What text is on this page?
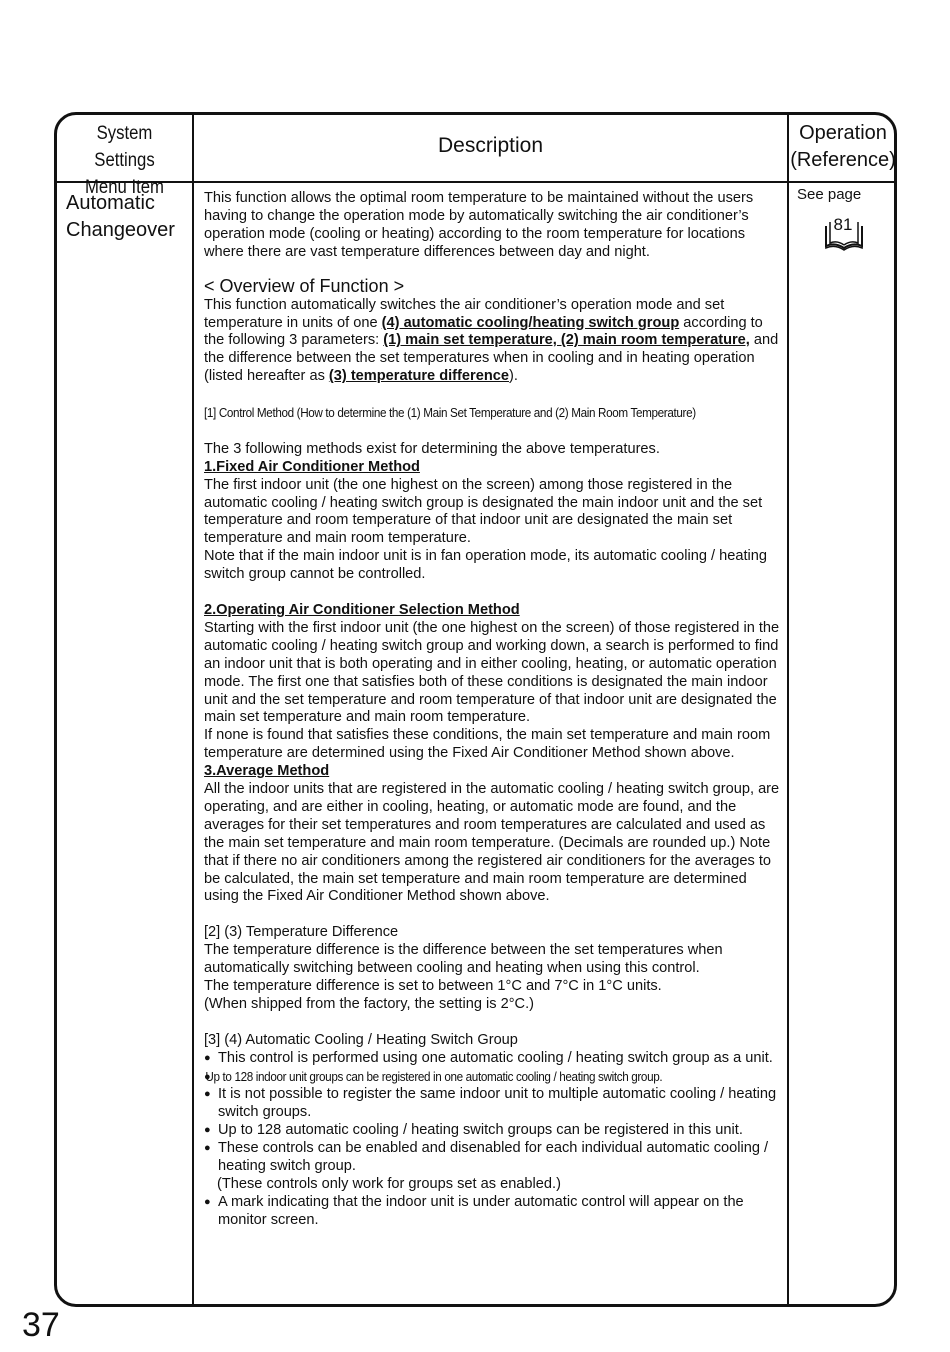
System Settings
Menu Item
Description
Operation
(Reference)
Automatic
Changeover
See page
81

This function allows the optimal room temperature to be maintained without the users having to change the operation mode by automatically switching the air conditioner’s operation mode (cooling or heating) according to the room temperature for locations where there are vast temperature differences between day and night.

< Overview of Function >

This function automatically switches the air conditioner’s operation mode and set temperature in units of one (4) automatic cooling/heating switch group according to the following 3 parameters: (1) main set temperature, (2) main room temperature, and the difference between the set temperatures when in cooling and in heating operation (listed hereafter as (3) temperature difference).

[1] Control Method (How to determine the (1) Main Set Temperature and (2) Main Room Temperature)

The 3 following methods exist for determining the above temperatures.

1.Fixed Air Conditioner Method

The first indoor unit (the one highest on the screen) among those registered in the automatic cooling / heating switch group is designated the main indoor unit and the set temperature and room temperature of that indoor unit are designated the main set temperature and main room temperature.

Note that if the main indoor unit is in fan operation mode, its automatic cooling / heating switch group cannot be controlled.

2.Operating Air Conditioner Selection Method

Starting with the first indoor unit (the one highest on the screen) of those registered in the automatic cooling / heating switch group and working down, a search is performed to find an indoor unit that is both operating and in either cooling, heating, or automatic operation mode. The first one that satisfies both of these conditions is designated the main indoor unit and the set temperature and room temperature of that indoor unit are designated the main set temperature and main room temperature.

If none is found that satisfies these conditions, the main set temperature and main room temperature are determined using the Fixed Air Conditioner Method shown above.

3.Average Method

All the indoor units that are registered in the automatic cooling / heating switch group, are operating, and are either in cooling, heating, or automatic mode are found, and the averages for their set temperatures and room temperatures are calculated and used as the main set temperature and main room temperature. (Decimals are rounded up.) Note that if there no air conditioners among the registered air conditioners for the averages to be calculated, the main set temperature and main room temperature are determined using the Fixed Air Conditioner Method shown above.

[2] (3) Temperature Difference

The temperature difference is the difference between the set temperatures when automatically switching between cooling and heating when using this control.

The temperature difference is set to between 1°C and 7°C in 1°C units.

(When shipped from the factory, the setting is 2°C.)

[3] (4) Automatic Cooling / Heating Switch Group

● This control is performed using one automatic cooling / heating switch group as a unit.

● Up to 128 indoor unit groups can be registered in one automatic cooling / heating switch group.

● It is not possible to register the same indoor unit to multiple automatic cooling / heating switch groups.

● Up to 128 automatic cooling / heating switch groups can be registered in this unit.

● These controls can be enabled and disenabled for each individual automatic cooling / heating switch group.

(These controls only work for groups set as enabled.)

● A mark indicating that the indoor unit is under automatic control will appear on the monitor screen.

37
